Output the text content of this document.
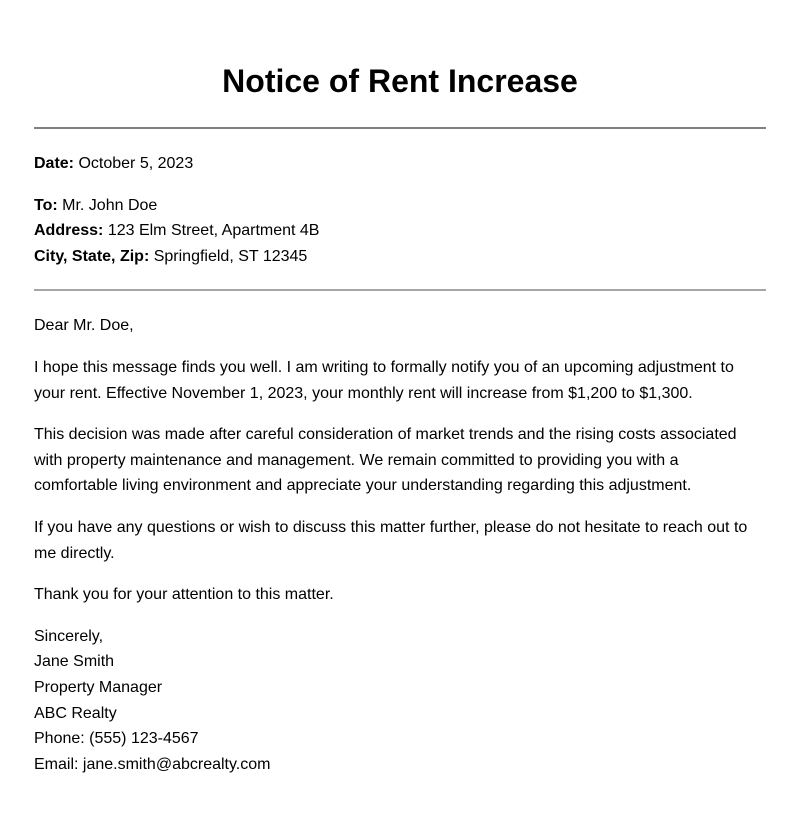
Notice of Rent Increase

Date: October 5, 2023

To: Mr. John Doe

Address: 123 Elm Street, Apartment 4B

City, State, Zip: Springfield, ST 12345

Dear Mr. Doe,

I hope this message finds you well. I am writing to formally notify you of an upcoming adjustment to your rent. Effective November 1, 2023, your monthly rent will increase from $1,200 to $1,300.

This decision was made after careful consideration of market trends and the rising costs associated with property maintenance and management. We remain committed to providing you with a comfortable living environment and appreciate your understanding regarding this adjustment.

If you have any questions or wish to discuss this matter further, please do not hesitate to reach out to me directly.

Thank you for your attention to this matter.

Sincerely,

Jane Smith

Property Manager

ABC Realty

Phone: (555) 123-4567

Email: jane.smith@abcrealty.com
